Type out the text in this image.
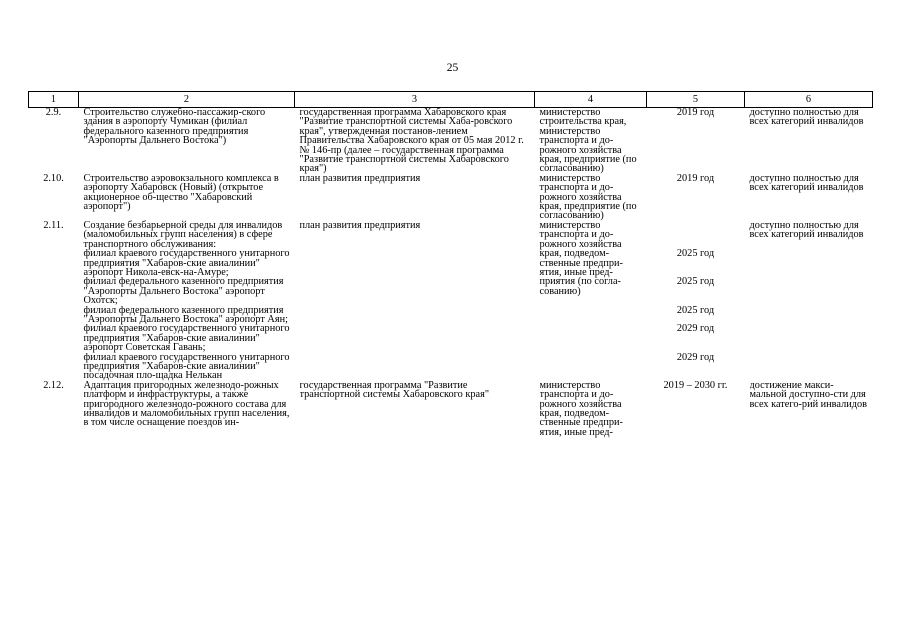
25
1	2	3	4	5	6
2.9.	Строительство служебно-пассажир-ского здания в аэропорту Чумикан (филиал федерального казенного предприятия "Аэропорты Дальнего Востока")	государственная программа Хабаровского края "Развитие транспортной системы Хаба-ровского края", утвержденная постанов-лением Правительства Хабаровского края от 05 мая 2012 г. № 146-пр (далее – государственная программа "Развитие транспортной системы Хабаровского края")	министерство строительства края, министерство транспорта и до-рожного хозяйства края, предприятие (по согласованию)	2019 год	доступно полностью для всех категорий инвалидов
2.10.	Строительство аэровокзального комплекса в аэропорту Хабаровск (Новый) (открытое акционерное об-щество "Хабаровский аэропорт")	план развития предприятия	министерство транспорта и до-рожного хозяйства края, предприятие (по согласованию)	2019 год	доступно полностью для всех категорий инвалидов
2.11.	Создание безбарьерной среды для инвалидов (маломобильных групп населения) в сфере транспортного обслуживания:	план развития предприятия	министерство транспорта и до-рожного хозяйства края, подведом-ственные предпри-ятия, иные пред-приятия (по согла-сованию)		доступно полностью для всех категорий инвалидов
	филиал краевого государственного унитарного предприятия "Хабаров-ские авиалинии" аэропорт Никола-евск-на-Амуре;			2025 год	
	филиал федерального казенного предприятия "Аэропорты Дальнего Востока" аэропорт Охотск;			2025 год	
	филиал федерального казенного предприятия "Аэропорты Дальнего Востока" аэропорт Аян;			2025 год	
	филиал краевого государственного унитарного предприятия "Хабаров-ские авиалинии" аэропорт Советская Гавань;			2029 год	
	филиал краевого государственного унитарного предприятия "Хабаров-ские авиалинии" посадочная пло-щадка Нелькан			2029 год	
2.12.	Адаптация пригородных железнодо-рожных платформ и инфраструктуры, а также пригородного железнодо-рожного состава для инвалидов и маломобильных групп населения, в том числе оснащение поездов ин-	государственная программа "Развитие транспортной системы Хабаровского края"	министерство транспорта и до-рожного хозяйства края, подведом-ственные предпри-ятия, иные пред-	2019 – 2030 гг.	достижение макси-мальной доступно-сти для всех катего-рий инвалидов
